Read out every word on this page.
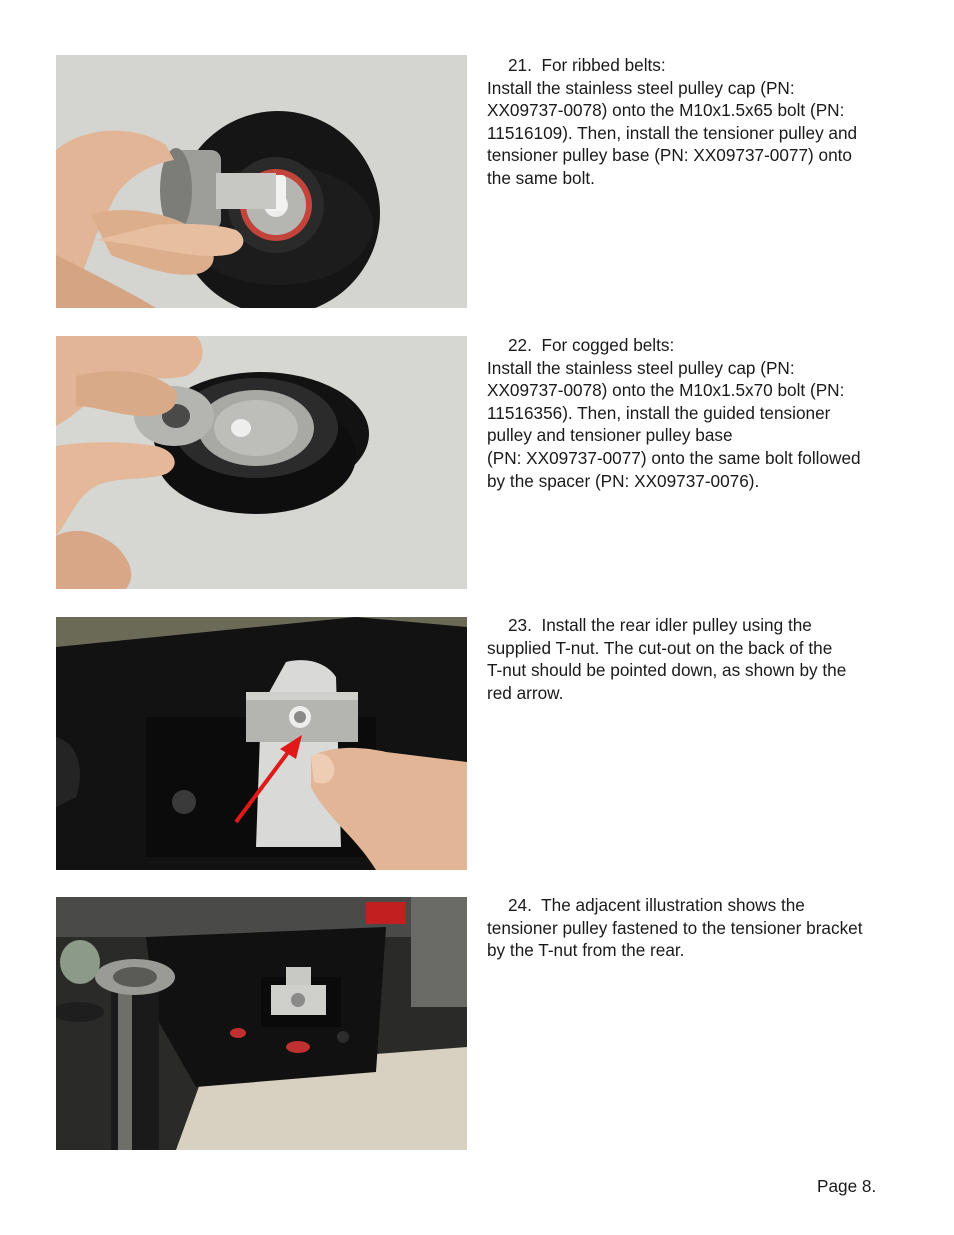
21. For ribbed belts:

Install the stainless steel pulley cap (PN:

XX09737-0078) onto the M10x1.5x65 bolt (PN:

11516109). Then, install the tensioner pulley and

tensioner pulley base (PN: XX09737-0077) onto

the same bolt.

22. For cogged belts:

Install the stainless steel pulley cap (PN:

XX09737-0078) onto the M10x1.5x70 bolt (PN:

11516356). Then, install the guided tensioner

pulley and tensioner pulley base

(PN: XX09737-0077) onto the same bolt followed

by the spacer (PN: XX09737-0076).

23. Install the rear idler pulley using the

supplied T-nut. The cut-out on the back of the

T-nut should be pointed down, as shown by the

red arrow.

24. The adjacent illustration shows the

tensioner pulley fastened to the tensioner bracket

by the T-nut from the rear.

Page 8.
